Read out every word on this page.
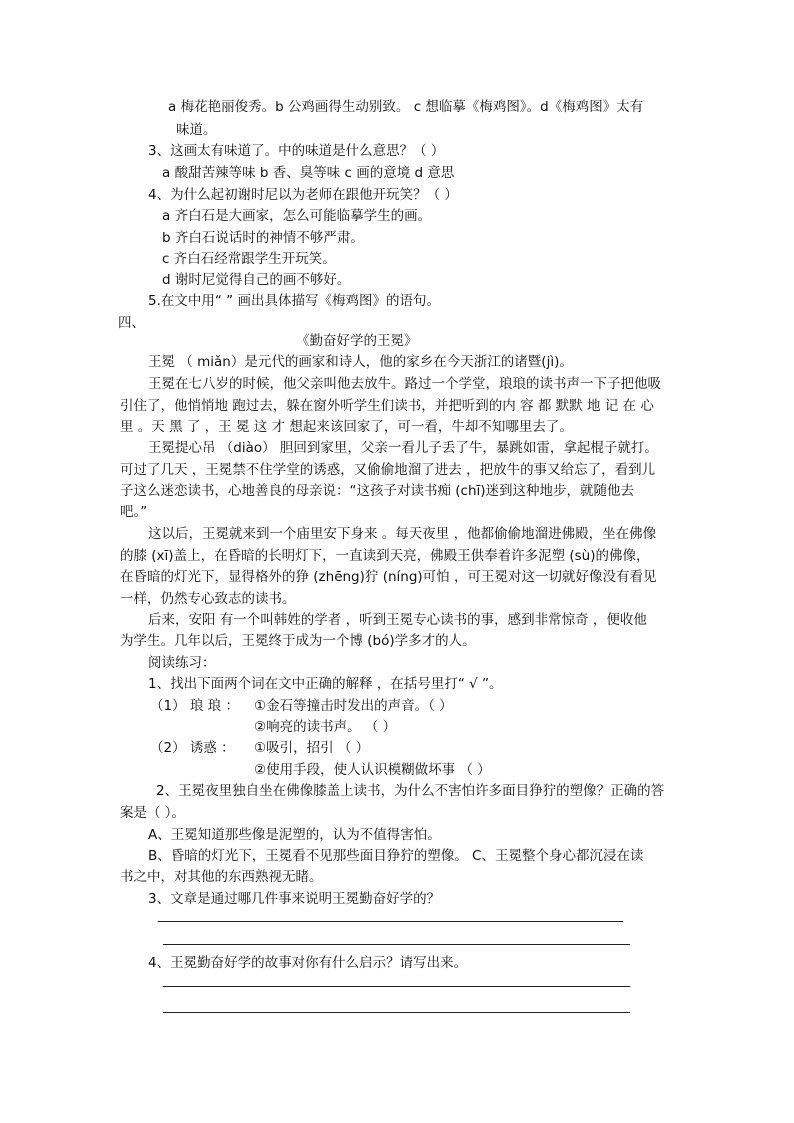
a 梅花艳丽俊秀。b 公鸡画得生动别致。 c 想临摹《梅鸡图》。d《梅鸡图》太有
味道。
3、这画太有味道了。中的味道是什么意思？（ ）
a 酸甜苦辣等味 b 香、臭等味 c 画的意境 d 意思
4、为什么起初谢时尼以为老师在跟他开玩笑？（ ）
a 齐白石是大画家，怎么可能临摹学生的画。
b 齐白石说话时的神情不够严肃。
c 齐白石经常跟学生开玩笑。
d 谢时尼觉得自己的画不够好。
5.在文中用“ ” 画出具体描写《梅鸡图》的语句。
四、
《勤奋好学的王冕》
王冕 （ miǎn）是元代的画家和诗人，他的家乡在今天浙江的诸暨(jì)。
王冕在七八岁的时候，他父亲叫他去放牛。路过一个学堂，琅琅的读书声一下子把他吸
引住了，他悄悄地 跑过去，躲在窗外听学生们读书，并把听到的内 容 都 默默 地 记 在 心
里 。天 黑 了 ，王 冕 这 才 想起来该回家了，可一看，牛却不知哪里去了。
王冕提心吊 （diào） 胆回到家里，父亲一看儿子丢了牛，暴跳如雷，拿起棍子就打。
可过了几天 ，王冕禁不住学堂的诱惑，又偷偷地溜了进去 ，把放牛的事又给忘了，看到儿
子这么迷恋读书，心地善良的母亲说：“这孩子对读书痴 (chī)迷到这种地步，就随他去
吧。”
这以后，王冕就来到一个庙里安下身来 。每天夜里 ，他都偷偷地溜进佛殿，坐在佛像
的膝 (xī)盖上，在昏暗的长明灯下，一直读到天亮，佛殿王供奉着许多泥塑 (sù)的佛像，
在昏暗的灯光下，显得格外的狰 (zhēng)狞 (níng)可怕 ，可王冕对这一切就好像没有看见
一样，仍然专心致志的读书。
后来，安阳 有一个叫韩姓的学者 ，听到王冕专心读书的事，感到非常惊奇 ，便收他
为学生。几年以后，王冕终于成为一个博 (bó)学多才的人。
阅读练习：
1、找出下面两个词在文中正确的解释 ，在括号里打“ √ ”。
（1） 琅 琅 ： ①金石等撞击时发出的声音。（ ）
②响亮的读书声。 （ ）
（2） 诱惑 ： ①吸引，招引 （ ）
②使用手段，使人认识模糊做坏事 （ ）
2、王冕夜里独自坐在佛像膝盖上读书，为什么不害怕许多面目狰狞的塑像？正确的答
案是（ ）。
A、王冕知道那些像是泥塑的，认为不值得害怕。
B、昏暗的灯光下，王冕看不见那些面目狰狞的塑像。 C、王冕整个身心都沉浸在读
书之中，对其他的东西熟视无睹。
3、文章是通过哪几件事来说明王冕勤奋好学的？
4、王冕勤奋好学的故事对你有什么启示？请写出来。
